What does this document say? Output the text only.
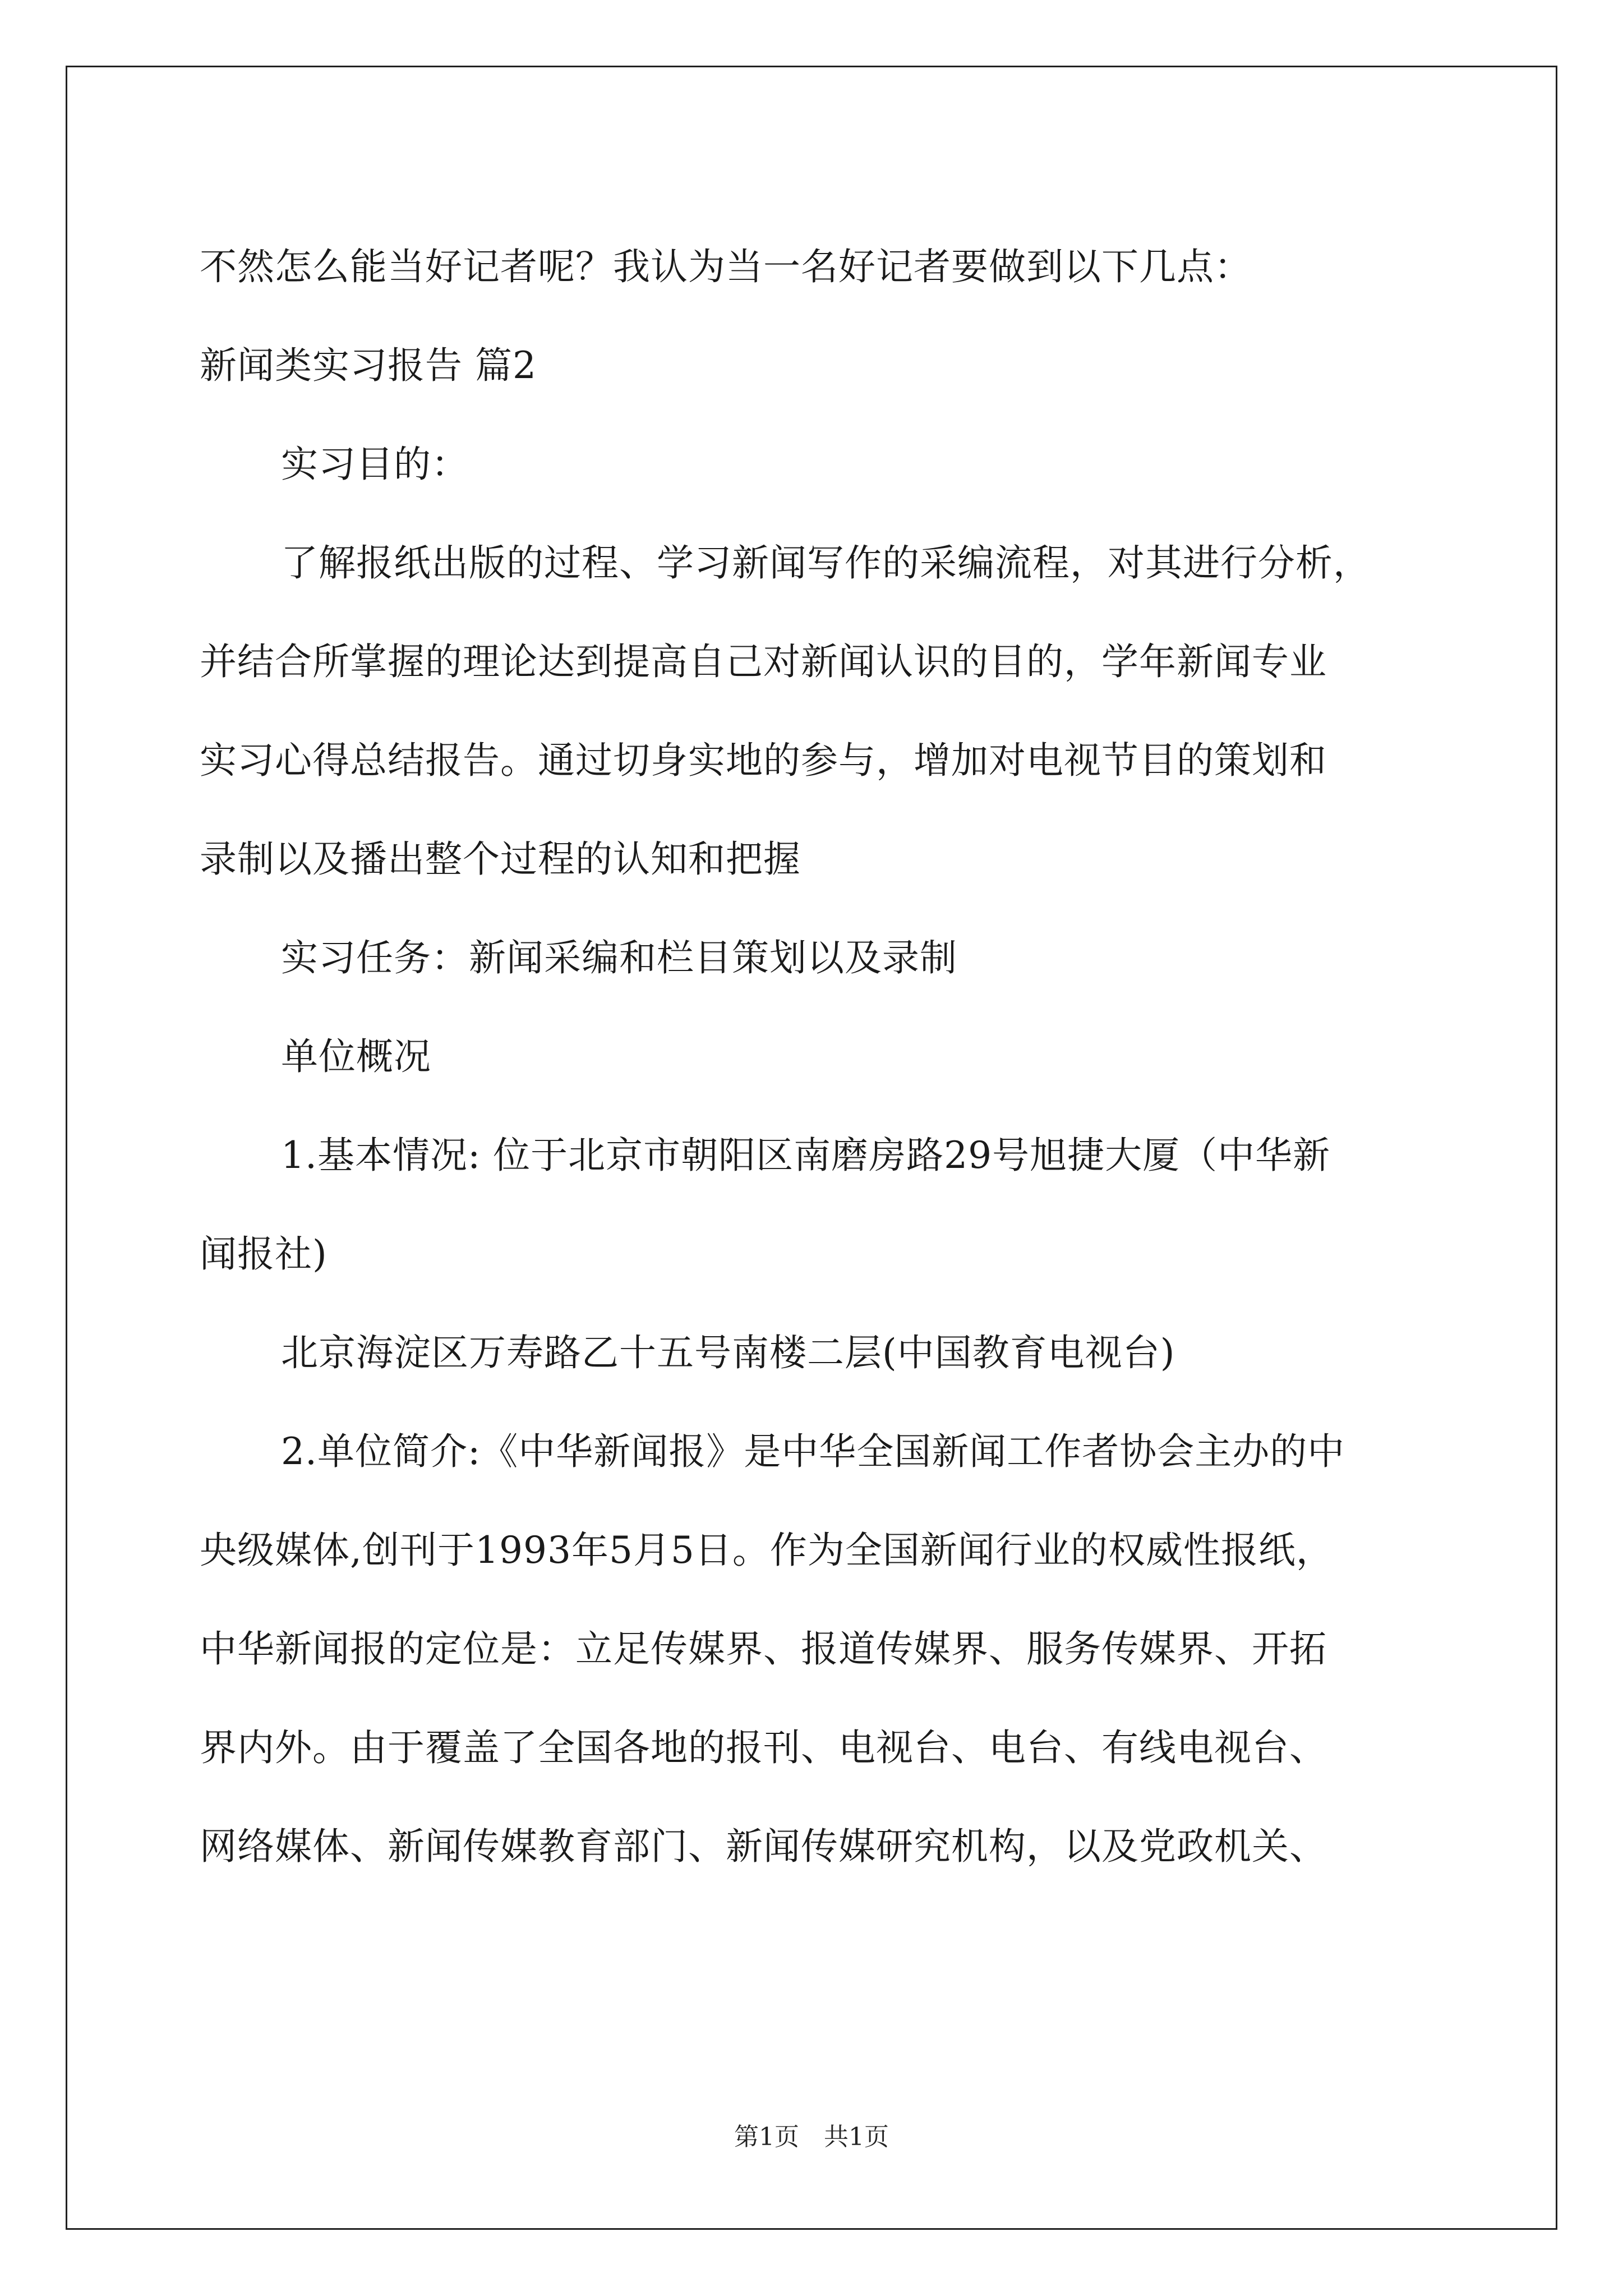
不然怎么能当好记者呢？我认为当一名好记者要做到以下几点：
新闻类实习报告 篇2
实习目的：
了解报纸出版的过程、学习新闻写作的采编流程，对其进行分析，
并结合所掌握的理论达到提高自己对新闻认识的目的，学年新闻专业
实习心得总结报告。通过切身实地的参与，增加对电视节目的策划和
录制以及播出整个过程的认知和把握
实习任务：新闻采编和栏目策划以及录制
单位概况
1.基本情况: 位于北京市朝阳区南磨房路29号旭捷大厦（中华新
闻报社)
北京海淀区万寿路乙十五号南楼二层(中国教育电视台)
2.单位简介:《中华新闻报》是中华全国新闻工作者协会主办的中
央级媒体,创刊于1993年5月5日。作为全国新闻行业的权威性报纸，
中华新闻报的定位是：立足传媒界、报道传媒界、服务传媒界、开拓
界内外。由于覆盖了全国各地的报刊、电视台、电台、有线电视台、
网络媒体、新闻传媒教育部门、新闻传媒研究机构，以及党政机关、
第1页　共1页
